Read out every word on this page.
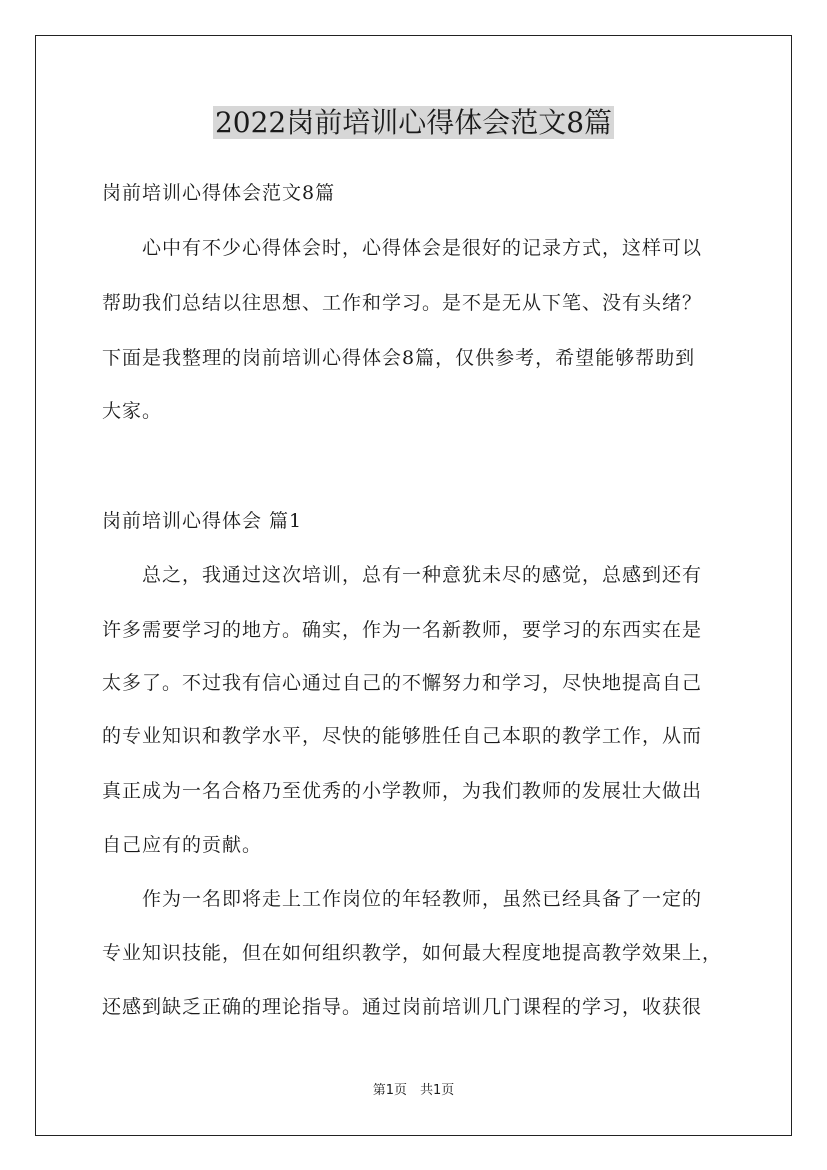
2022岗前培训心得体会范文8篇
岗前培训心得体会范文8篇
　　心中有不少心得体会时，心得体会是很好的记录方式，这样可以
帮助我们总结以往思想、工作和学习。是不是无从下笔、没有头绪？
下面是我整理的岗前培训心得体会8篇，仅供参考，希望能够帮助到
大家。
岗前培训心得体会 篇1
　　总之，我通过这次培训，总有一种意犹未尽的感觉，总感到还有
许多需要学习的地方。确实，作为一名新教师，要学习的东西实在是
太多了。不过我有信心通过自己的不懈努力和学习，尽快地提高自己
的专业知识和教学水平，尽快的能够胜任自己本职的教学工作，从而
真正成为一名合格乃至优秀的小学教师，为我们教师的发展壮大做出
自己应有的贡献。
　　作为一名即将走上工作岗位的年轻教师，虽然已经具备了一定的
专业知识技能，但在如何组织教学，如何最大程度地提高教学效果上，
还感到缺乏正确的理论指导。通过岗前培训几门课程的学习，收获很
第1页　共1页
